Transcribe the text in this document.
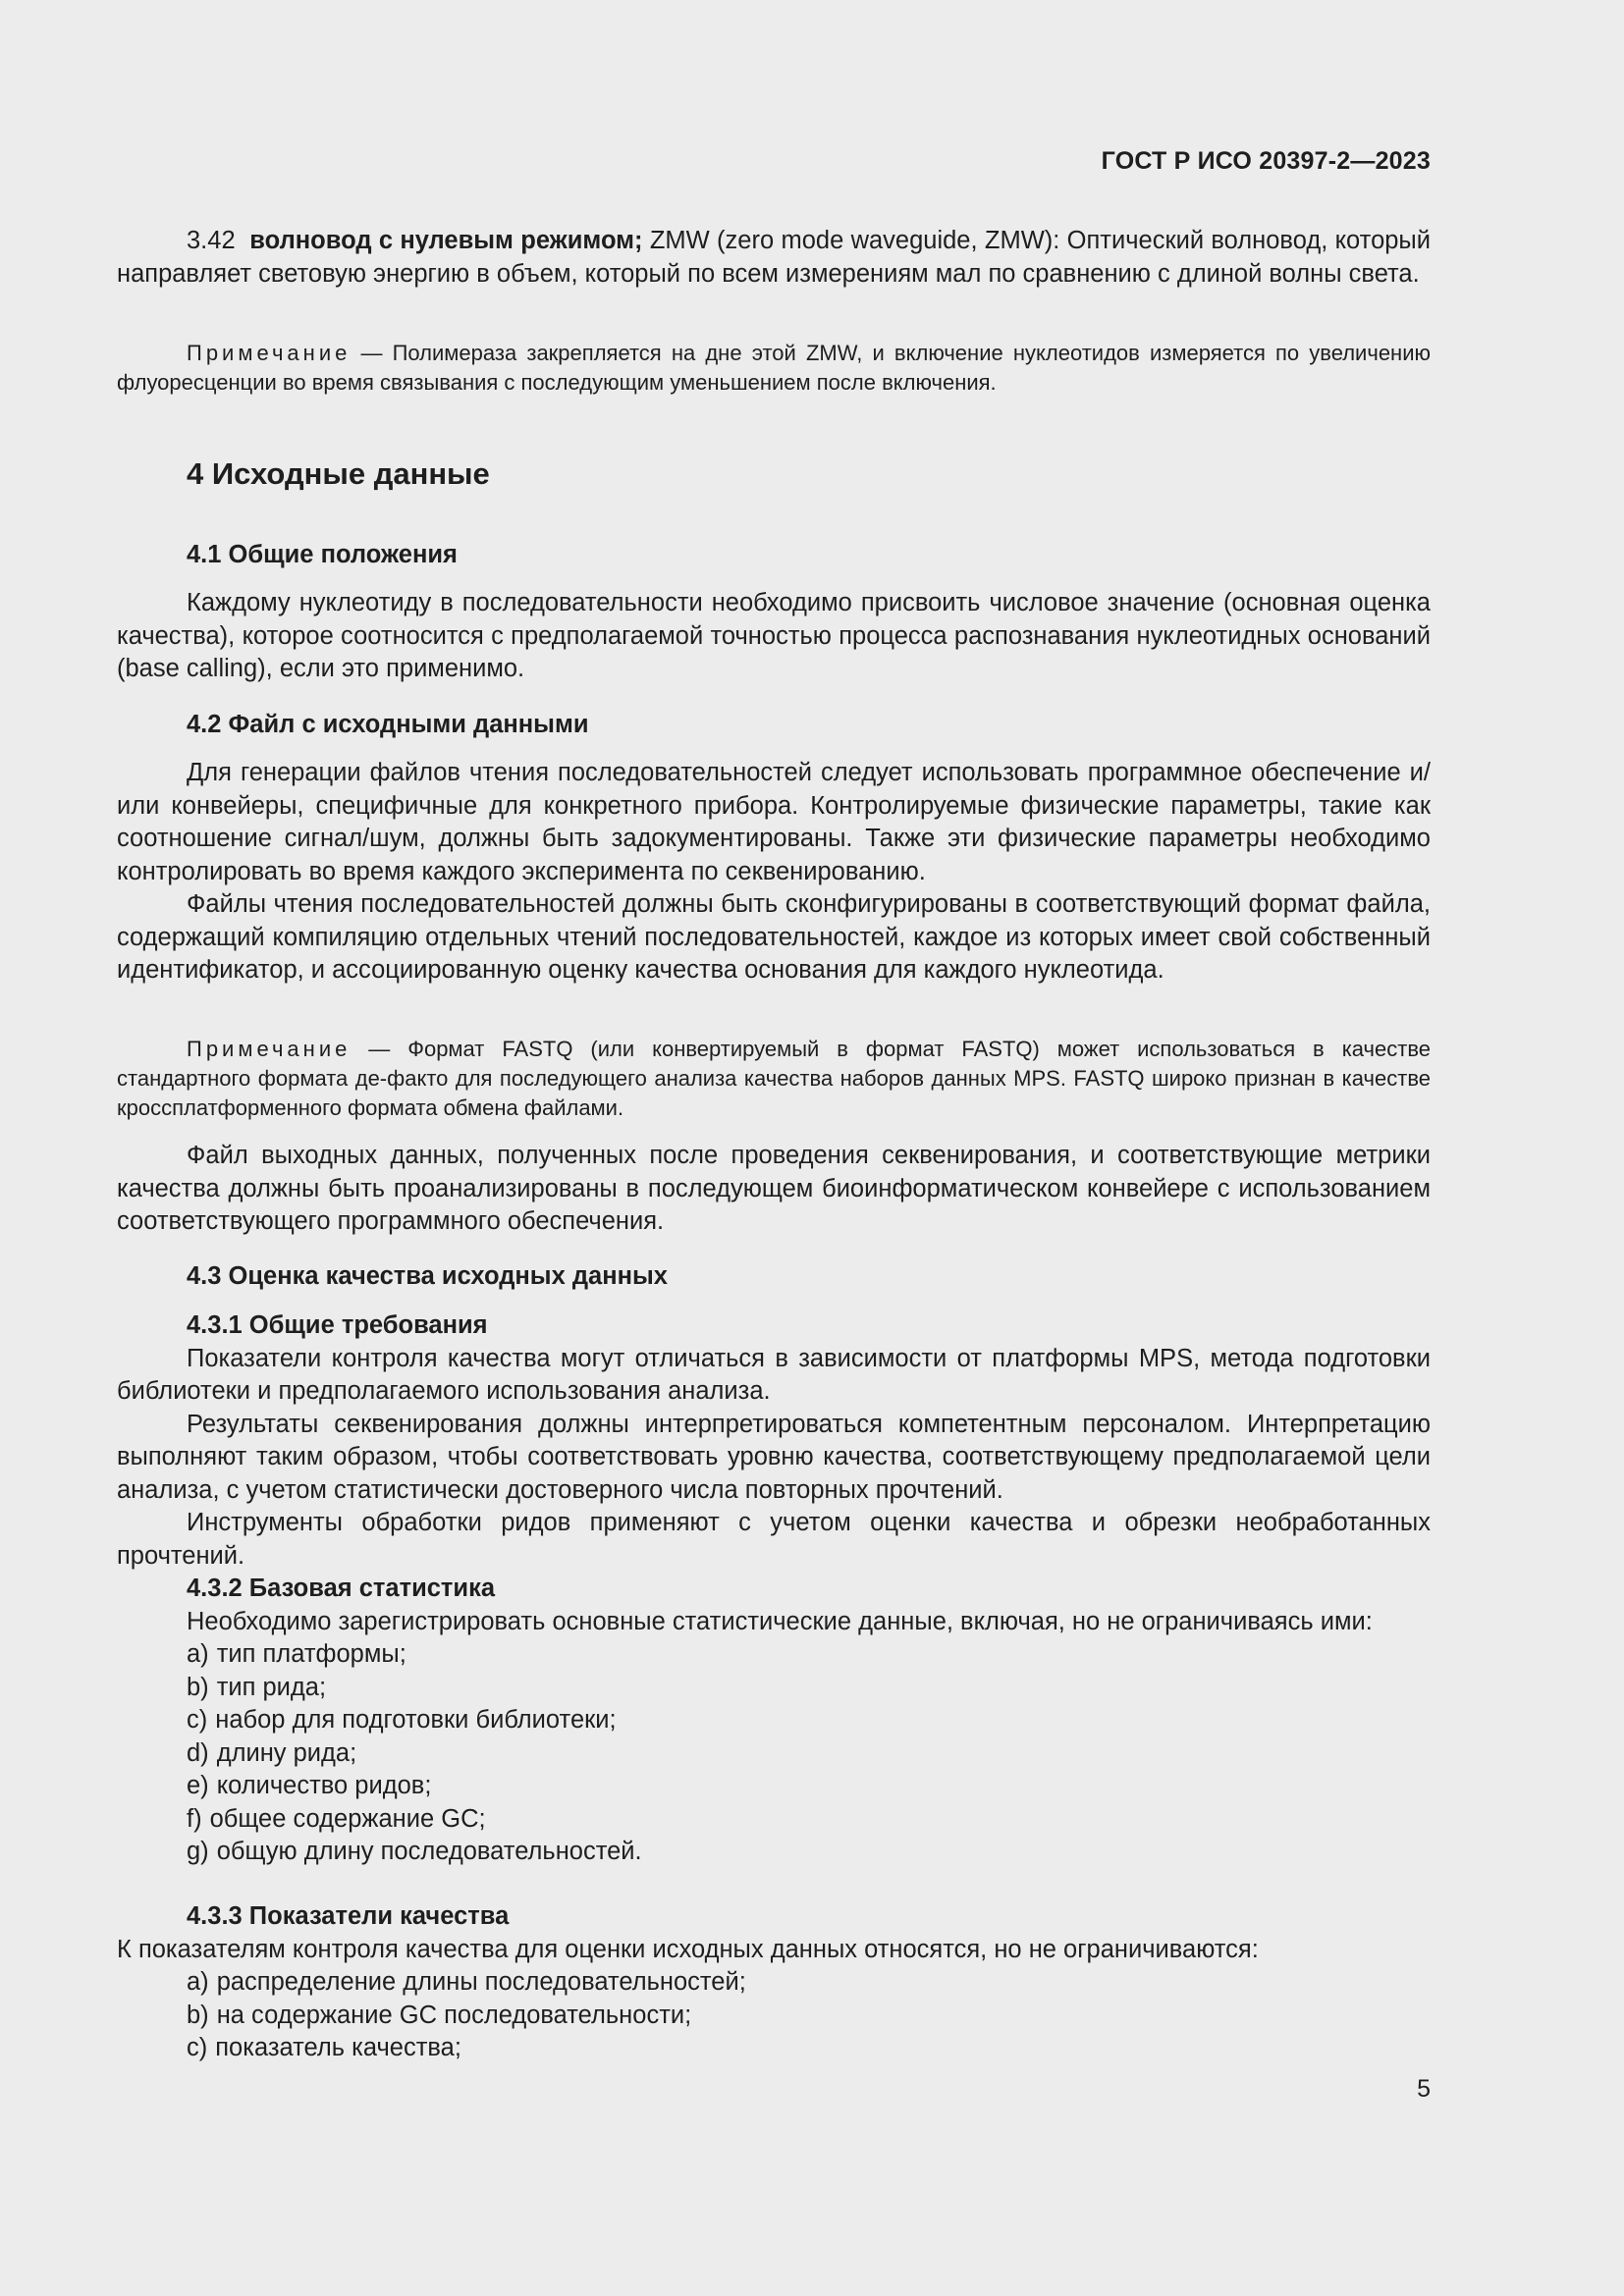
ГОСТ Р ИСО 20397-2—2023

3.42 волновод с нулевым режимом; ZMW (zero mode waveguide, ZMW): Оптический волновод, который направляет световую энергию в объем, который по всем измерениям мал по сравнению с длиной волны света.

Примечание — Полимераза закрепляется на дне этой ZMW, и включение нуклеотидов измеряется по увеличению флуоресценции во время связывания с последующим уменьшением после включения.

4 Исходные данные
4.1 Общие положения

Каждому нуклеотиду в последовательности необходимо присвоить числовое значение (основная оценка качества), которое соотносится с предполагаемой точностью процесса распознавания нуклеотидных оснований (base calling), если это применимо.

4.2 Файл с исходными данными

Для генерации файлов чтения последовательностей следует использовать программное обеспечение и/или конвейеры, специфичные для конкретного прибора. Контролируемые физические параметры, такие как соотношение сигнал/шум, должны быть задокументированы. Также эти физические параметры необходимо контролировать во время каждого эксперимента по секвенированию.

Файлы чтения последовательностей должны быть сконфигурированы в соответствующий формат файла, содержащий компиляцию отдельных чтений последовательностей, каждое из которых имеет свой собственный идентификатор, и ассоциированную оценку качества основания для каждого нуклеотида.

Примечание — Формат FASTQ (или конвертируемый в формат FASTQ) может использоваться в качестве стандартного формата де-факто для последующего анализа качества наборов данных MPS. FASTQ широко признан в качестве кроссплатформенного формата обмена файлами.

Файл выходных данных, полученных после проведения секвенирования, и соответствующие метрики качества должны быть проанализированы в последующем биоинформатическом конвейере с использованием соответствующего программного обеспечения.

4.3 Оценка качества исходных данных
4.3.1 Общие требования

Показатели контроля качества могут отличаться в зависимости от платформы MPS, метода подготовки библиотеки и предполагаемого использования анализа.

Результаты секвенирования должны интерпретироваться компетентным персоналом. Интерпретацию выполняют таким образом, чтобы соответствовать уровню качества, соответствующему предполагаемой цели анализа, с учетом статистически достоверного числа повторных прочтений.

Инструменты обработки ридов применяют с учетом оценки качества и обрезки необработанных прочтений.

4.3.2 Базовая статистика

Необходимо зарегистрировать основные статистические данные, включая, но не ограничиваясь ими:

a) тип платформы;
b) тип рида;
c) набор для подготовки библиотеки;
d) длину рида;
e) количество ридов;
f) общее содержание GC;
g) общую длину последовательностей.
4.3.3 Показатели качества

К показателям контроля качества для оценки исходных данных относятся, но не ограничиваются:

a) распределение длины последовательностей;
b) на содержание GC последовательности;
c) показатель качества;
5
